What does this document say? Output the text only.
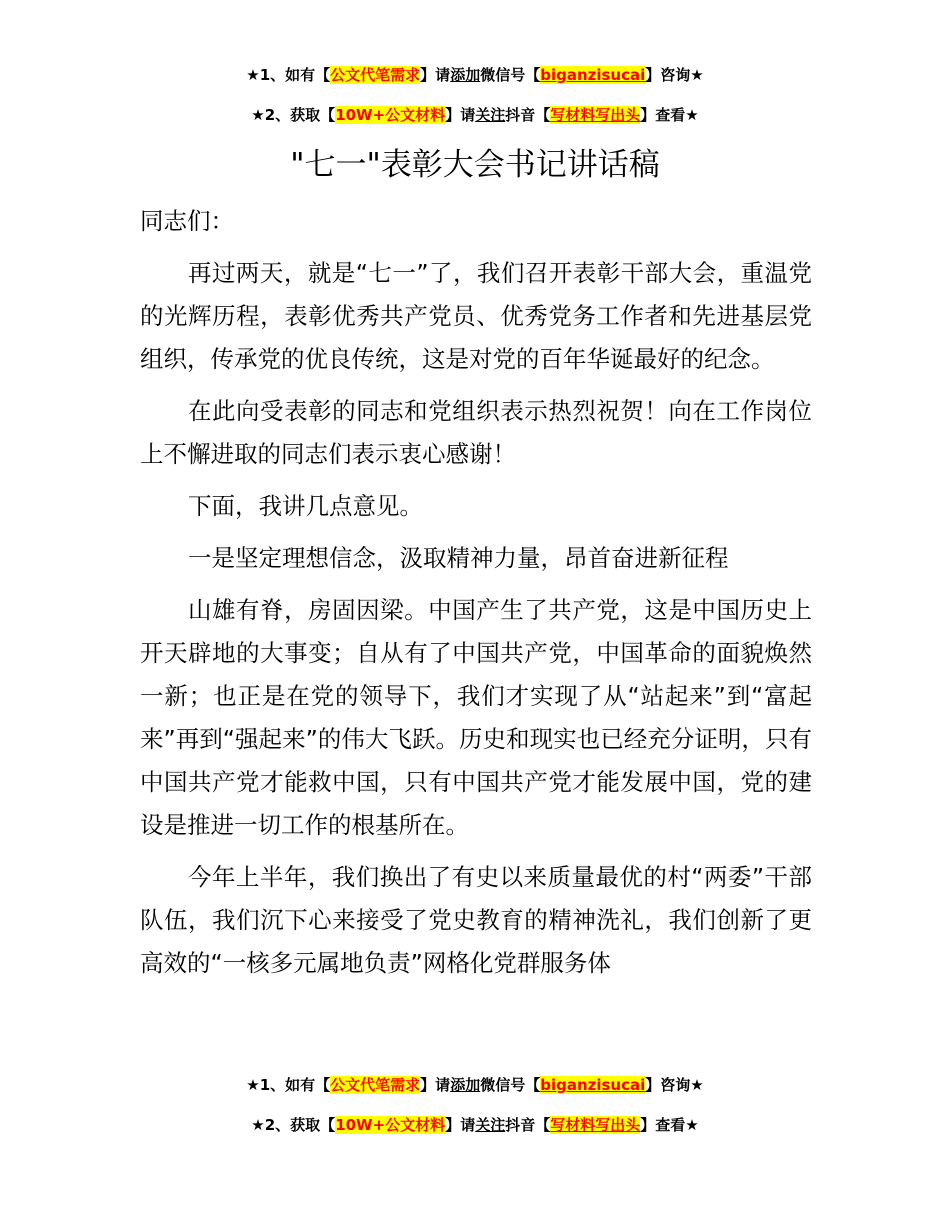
★1、如有【公文代笔需求】请添加微信号【biganzisucai】咨询★
★2、获取【10W+公文材料】请关注抖音【写材料写出头】查看★
"七一"表彰大会书记讲话稿

同志们：

再过两天，就是“七一”了，我们召开表彰干部大会，重温党的光辉历程，表彰优秀共产党员、优秀党务工作者和先进基层党组织，传承党的优良传统，这是对党的百年华诞最好的纪念。

在此向受表彰的同志和党组织表示热烈祝贺！向在工作岗位上不懈进取的同志们表示衷心感谢！

下面，我讲几点意见。

一是坚定理想信念，汲取精神力量，昂首奋进新征程

山雄有脊，房固因梁。中国产生了共产党，这是中国历史上开天辟地的大事变；自从有了中国共产党，中国革命的面貌焕然一新；也正是在党的领导下，我们才实现了从“站起来”到“富起来”再到“强起来”的伟大飞跃。历史和现实也已经充分证明，只有中国共产党才能救中国，只有中国共产党才能发展中国，党的建设是推进一切工作的根基所在。

今年上半年，我们换出了有史以来质量最优的村“两委”干部队伍，我们沉下心来接受了党史教育的精神洗礼，我们创新了更高效的“一核多元属地负责”网格化党群服务体

★1、如有【公文代笔需求】请添加微信号【biganzisucai】咨询★
★2、获取【10W+公文材料】请关注抖音【写材料写出头】查看★
